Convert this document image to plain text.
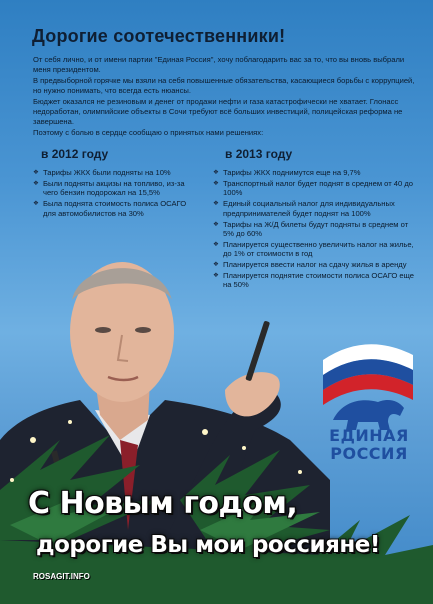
Дорогие соотечественники!

От себя лично, и от имени партии "Единая Россия", хочу поблагодарить вас за то, что вы вновь выбрали меня президентом.

В предвыборной горячке мы взяли на себя повышенные обязательства, касающиеся борьбы с коррупцией, но нужно понимать, что всегда есть нюансы.

Бюджет оказался не резиновым и денег от продажи нефти и газа катастрофически не хватает. Глонасс недоработан, олимпийские объекты в Сочи требуют всё больших инвестиций, полицейская реформа не завершена.

Поэтому с болью в сердце сообщаю о принятых нами решениях:

в 2012 году	в 2013 году
❖ Тарифы ЖКХ были подняты на 10%
❖ Были подняты акцизы на топливо, из-за чего бензин подорожал на 15,5%
❖ Была поднята стоимость полиса ОСАГО для автомобилистов на 30%
❖ Тарифы ЖКХ поднимутся еще на 9,7%
❖ Транспортный налог будет поднят в среднем от 40 до 100%
❖ Единый социальный налог для индивидуальных предпринимателей будет поднят на 100%
❖ Тарифы на Ж/Д билеты будут подняты в среднем от 5% до 60%
❖ Планируется существенно увеличить налог на жилье, до 1% от стоимости в год
❖ Планируется ввести налог на сдачу жилья в аренду
❖ Планируется поднятие стоимости полиса ОСАГО еще на 50%
ЕДИНАЯ
РОССИЯ
С Новым годом,
дорогие Вы мои россияне!
ROSAGIT.INFO
